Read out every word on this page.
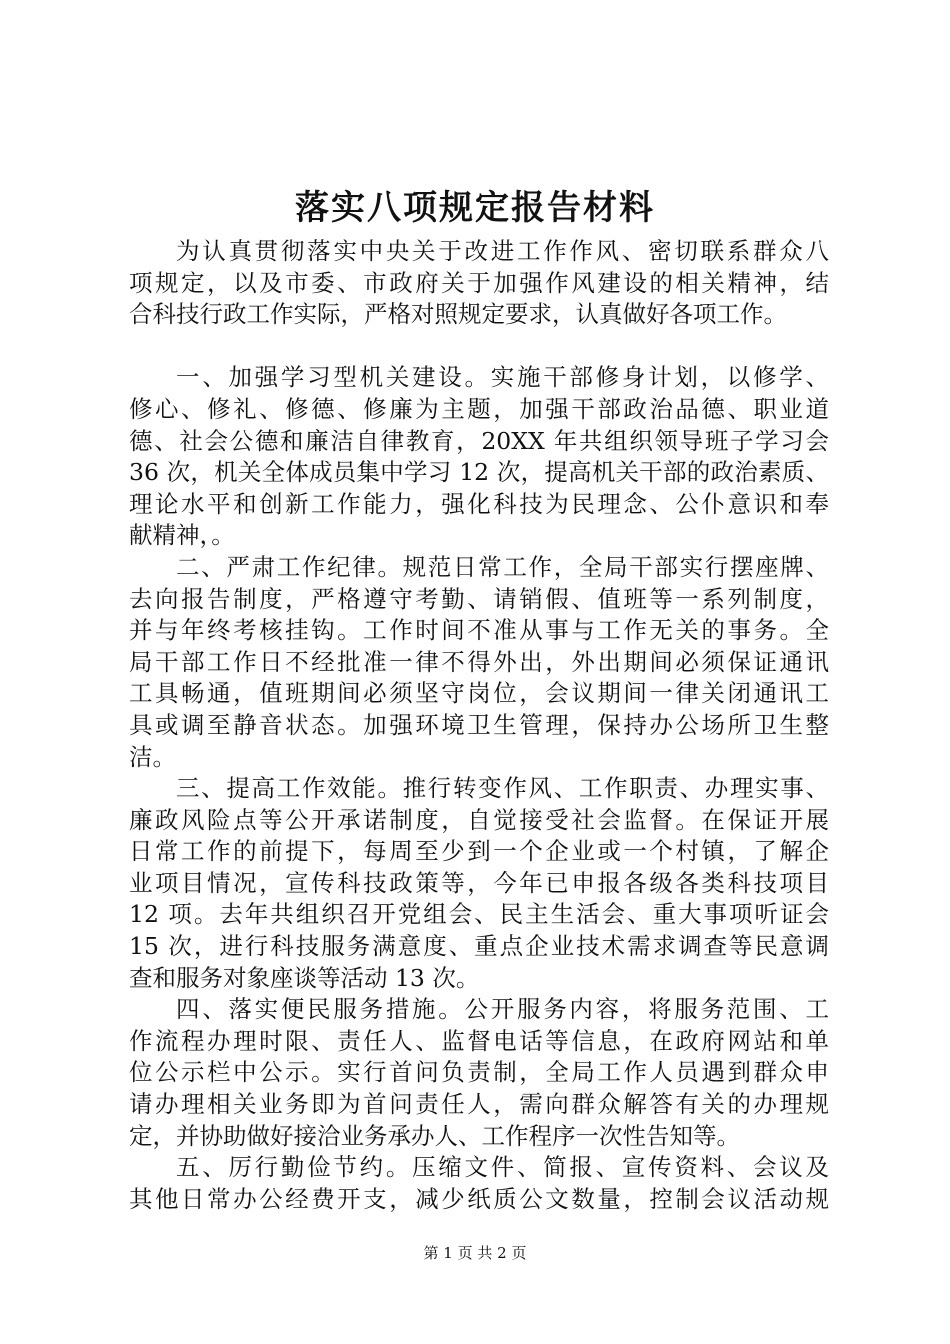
落实八项规定报告材料
为认真贯彻落实中央关于改进工作作风、密切联系群众八
项规定，以及市委、市政府关于加强作风建设的相关精神，结
合科技行政工作实际，严格对照规定要求，认真做好各项工作。
一、加强学习型机关建设。实施干部修身计划，以修学、
修心、修礼、修德、修廉为主题，加强干部政治品德、职业道
德、社会公德和廉洁自律教育，20XX 年共组织领导班子学习会
36 次，机关全体成员集中学习 12 次，提高机关干部的政治素质、
理论水平和创新工作能力，强化科技为民理念、公仆意识和奉
献精神，。
二、严肃工作纪律。规范日常工作，全局干部实行摆座牌、
去向报告制度，严格遵守考勤、请销假、值班等一系列制度，
并与年终考核挂钩。工作时间不准从事与工作无关的事务。全
局干部工作日不经批准一律不得外出，外出期间必须保证通讯
工具畅通，值班期间必须坚守岗位，会议期间一律关闭通讯工
具或调至静音状态。加强环境卫生管理，保持办公场所卫生整
洁。
三、提高工作效能。推行转变作风、工作职责、办理实事、
廉政风险点等公开承诺制度，自觉接受社会监督。在保证开展
日常工作的前提下，每周至少到一个企业或一个村镇，了解企
业项目情况，宣传科技政策等，今年已申报各级各类科技项目
12 项。去年共组织召开党组会、民主生活会、重大事项听证会
15 次，进行科技服务满意度、重点企业技术需求调查等民意调
查和服务对象座谈等活动 13 次。
四、落实便民服务措施。公开服务内容，将服务范围、工
作流程办理时限、责任人、监督电话等信息，在政府网站和单
位公示栏中公示。实行首问负责制，全局工作人员遇到群众申
请办理相关业务即为首问责任人，需向群众解答有关的办理规
定，并协助做好接洽业务承办人、工作程序一次性告知等。
五、厉行勤俭节约。压缩文件、简报、宣传资料、会议及
其他日常办公经费开支，减少纸质公文数量，控制会议活动规
第 1 页 共 2 页
